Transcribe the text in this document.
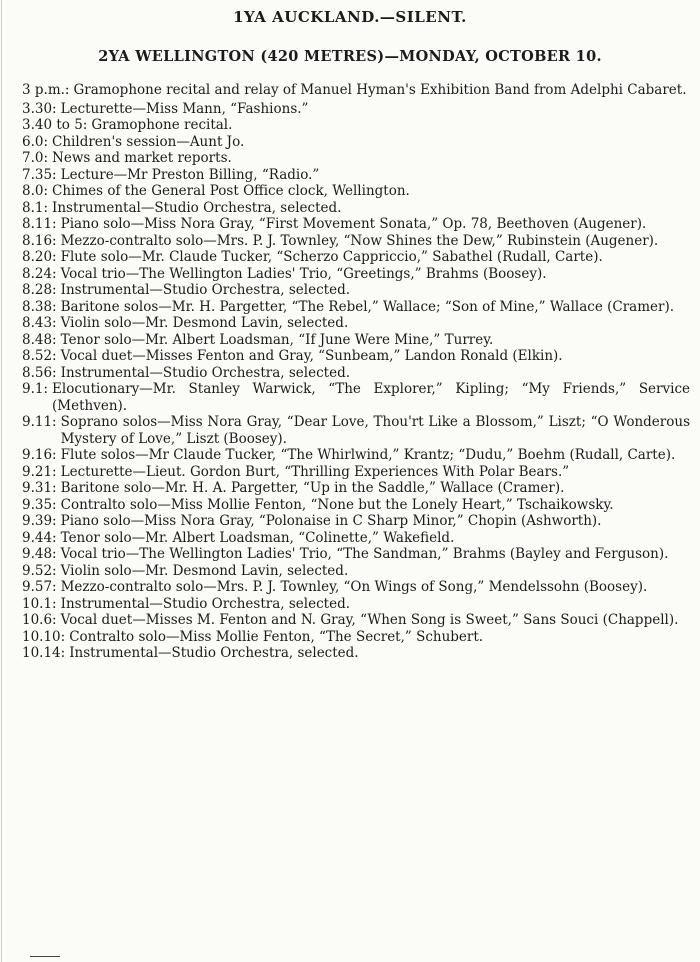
1YA AUCKLAND.—SILENT.
2YA WELLINGTON (420 METRES)—MONDAY, OCTOBER 10.
3 p.m.: Gramophone recital and relay of Manuel Hyman's Exhibition Band from Adelphi Cabaret.
3.30: Lecturette—Miss Mann, “Fashions.”
3.40 to 5: Gramophone recital.
6.0: Children's session—Aunt Jo.
7.0: News and market reports.
7.35: Lecture—Mr Preston Billing, “Radio.”
8.0: Chimes of the General Post Office clock, Wellington.
8.1: Instrumental—Studio Orchestra, selected.
8.11: Piano solo—Miss Nora Gray, “First Movement Sonata,” Op. 78, Beethoven (Augener).
8.16: Mezzo-contralto solo—Mrs. P. J. Townley, “Now Shines the Dew,” Rubinstein (Augener).
8.20: Flute solo—Mr. Claude Tucker, “Scherzo Cappriccio,” Sabathel (Rudall, Carte).
8.24: Vocal trio—The Wellington Ladies' Trio, “Greetings,” Brahms (Boosey).
8.28: Instrumental—Studio Orchestra, selected.
8.38: Baritone solos—Mr. H. Pargetter, “The Rebel,” Wallace; “Son of Mine,” Wallace (Cramer).
8.43: Violin solo—Mr. Desmond Lavin, selected.
8.48: Tenor solo—Mr. Albert Loadsman, “If June Were Mine,” Turrey.
8.52: Vocal duet—Misses Fenton and Gray, “Sunbeam,” Landon Ronald (Elkin).
8.56: Instrumental—Studio Orchestra, selected.
9.1: Elocutionary—Mr. Stanley Warwick, “The Explorer,” Kipling; “My Friends,” Service (Methven).
9.11: Soprano solos—Miss Nora Gray, “Dear Love, Thou'rt Like a Blossom,” Liszt; “O Wonderous Mystery of Love,” Liszt (Boosey).
9.16: Flute solos—Mr Claude Tucker, “The Whirlwind,” Krantz; “Dudu,” Boehm (Rudall, Carte).
9.21: Lecturette—Lieut. Gordon Burt, “Thrilling Experiences With Polar Bears.”
9.31: Baritone solo—Mr. H. A. Pargetter, “Up in the Saddle,” Wallace (Cramer).
9.35: Contralto solo—Miss Mollie Fenton, “None but the Lonely Heart,” Tschaikowsky.
9.39: Piano solo—Miss Nora Gray, “Polonaise in C Sharp Minor,” Chopin (Ashworth).
9.44: Tenor solo—Mr. Albert Loadsman, “Colinette,” Wakefield.
9.48: Vocal trio—The Wellington Ladies' Trio, “The Sandman,” Brahms (Bayley and Ferguson).
9.52: Violin solo—Mr. Desmond Lavin, selected.
9.57: Mezzo-contralto solo—Mrs. P. J. Townley, “On Wings of Song,” Mendelssohn (Boosey).
10.1: Instrumental—Studio Orchestra, selected.
10.6: Vocal duet—Misses M. Fenton and N. Gray, “When Song is Sweet,” Sans Souci (Chappell).
10.10: Contralto solo—Miss Mollie Fenton, “The Secret,” Schubert.
10.14: Instrumental—Studio Orchestra, selected.
